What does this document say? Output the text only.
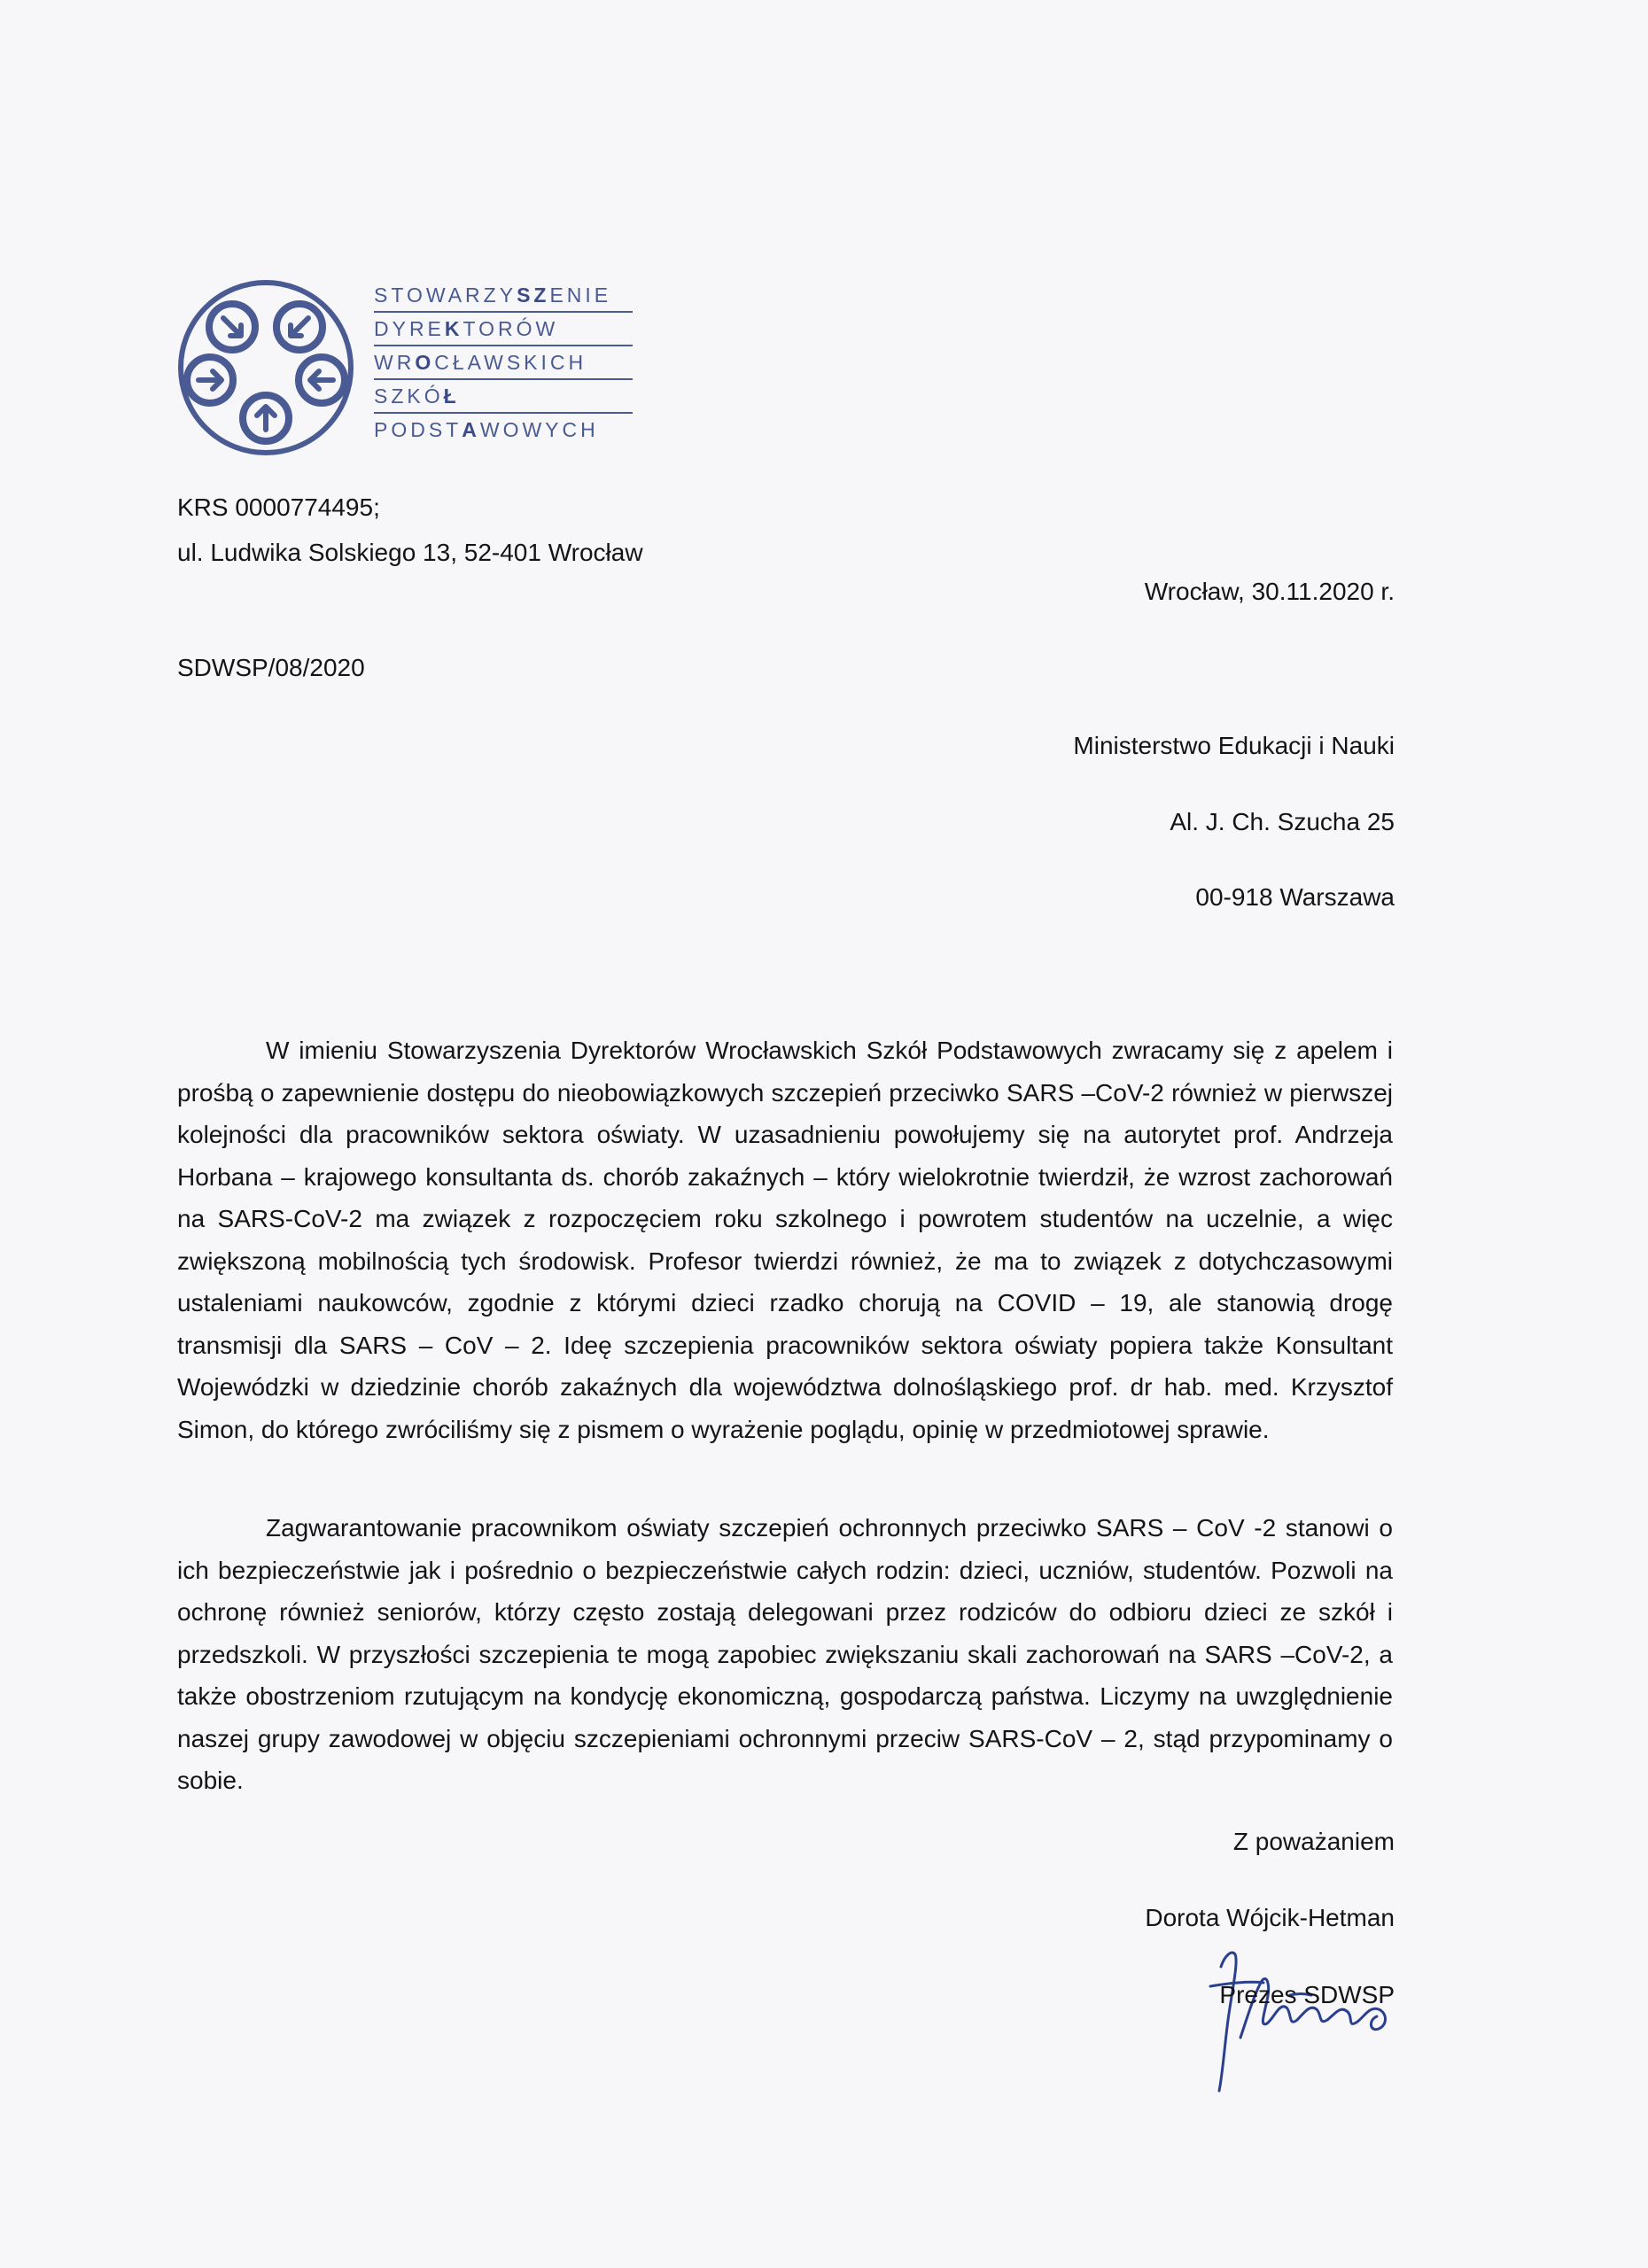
STOWARZYSZENIE
DYREKTORÓW
WROCŁAWSKICH
SZKÓŁ
PODSTAWOWYCH
KRS 0000774495;
ul. Ludwika Solskiego 13, 52-401 Wrocław
Wrocław, 30.11.2020 r.
SDWSP/08/2020
Ministerstwo Edukacji i Nauki
Al. J. Ch. Szucha 25
00-918 Warszawa

W imieniu Stowarzyszenia Dyrektorów Wrocławskich Szkół Podstawowych zwracamy się z apelem i prośbą o zapewnienie dostępu do nieobowiązkowych szczepień przeciwko SARS –CoV-2 również w pierwszej kolejności dla pracowników sektora oświaty. W uzasadnieniu powołujemy się na autorytet prof. Andrzeja Horbana – krajowego konsultanta ds. chorób zakaźnych – który wielokrotnie twierdził, że wzrost zachorowań na SARS-CoV-2 ma związek z rozpoczęciem roku szkolnego i powrotem studentów na uczelnie, a więc zwiększoną mobilnością tych środowisk. Profesor twierdzi również, że ma to związek z dotychczasowymi ustaleniami naukowców, zgodnie z którymi dzieci rzadko chorują na COVID – 19, ale stanowią drogę transmisji dla SARS – CoV – 2. Ideę szczepienia pracowników sektora oświaty popiera także Konsultant Wojewódzki w dziedzinie chorób zakaźnych dla województwa dolnośląskiego prof. dr hab. med. Krzysztof Simon, do którego zwróciliśmy się z pismem o wyrażenie poglądu, opinię w przedmiotowej sprawie.

Zagwarantowanie pracownikom oświaty szczepień ochronnych przeciwko SARS – CoV -2 stanowi o ich bezpieczeństwie jak i pośrednio o bezpieczeństwie całych rodzin: dzieci, uczniów, studentów. Pozwoli na ochronę również seniorów, którzy często zostają delegowani przez rodziców do odbioru dzieci ze szkół i przedszkoli. W przyszłości szczepienia te mogą zapobiec zwiększaniu skali zachorowań na SARS –CoV-2, a także obostrzeniom rzutującym na kondycję ekonomiczną, gospodarczą państwa. Liczymy na uwzględnienie naszej grupy zawodowej w objęciu szczepieniami ochronnymi przeciw SARS-CoV – 2, stąd przypominamy o sobie.

Z poważaniem
Dorota Wójcik-Hetman
Prezes SDWSP
